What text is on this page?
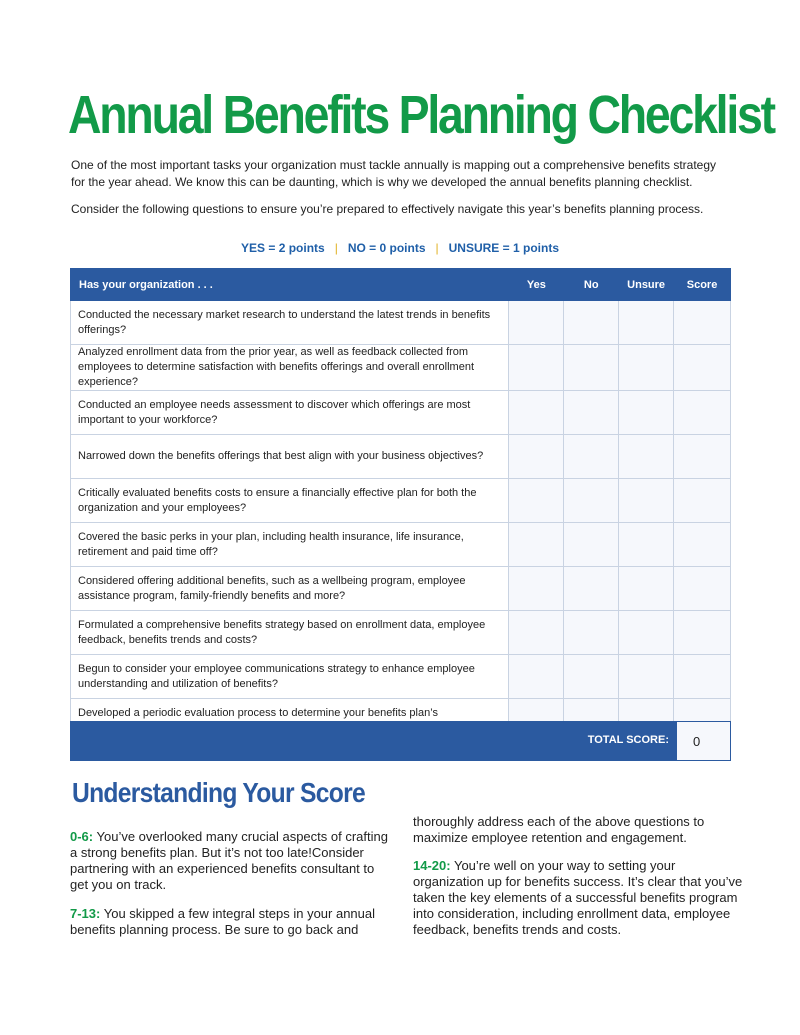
Annual Benefits Planning Checklist

One of the most important tasks your organization must tackle annually is mapping out a comprehensive benefits strategy for the year ahead. We know this can be daunting, which is why we developed the annual benefits planning checklist.

Consider the following questions to ensure you’re prepared to effectively navigate this year’s benefits planning process.

YES = 2 points | NO = 0 points | UNSURE = 1 points
Has your organization . . .	Yes	No	Unsure	Score
Conducted the necessary market research to understand the latest trends in benefits offerings?				
Analyzed enrollment data from the prior year, as well as feedback collected from employees to determine satisfaction with benefits offerings and overall enrollment experience?				
Conducted an employee needs assessment to discover which offerings are most important to your workforce?				
Narrowed down the benefits offerings that best align with your business objectives?				
Critically evaluated benefits costs to ensure a financially effective plan for both the organization and your employees?				
Covered the basic perks in your plan, including health insurance, life insurance, retirement and paid time off?				
Considered offering additional benefits, such as a wellbeing program, employee assistance program, family-friendly benefits and more?				
Formulated a comprehensive benefits strategy based on enrollment data, employee feedback, benefits trends and costs?				
Begun to consider your employee communications strategy to enhance employee understanding and utilization of benefits?				
Developed a periodic evaluation process to determine your benefits plan’s				
TOTAL SCORE:	0
Understanding Your Score

0-6: You’ve overlooked many crucial aspects of crafting a strong benefits plan. But it’s not too late!Consider partnering with an experienced benefits consultant to get you on track.

7-13: You skipped a few integral steps in your annual benefits planning process. Be sure to go back and

thoroughly address each of the above questions to maximize employee retention and engagement.

14-20: You’re well on your way to setting your organization up for benefits success. It’s clear that you’ve taken the key elements of a successful benefits program into consideration, including enrollment data, employee feedback, benefits trends and costs.
